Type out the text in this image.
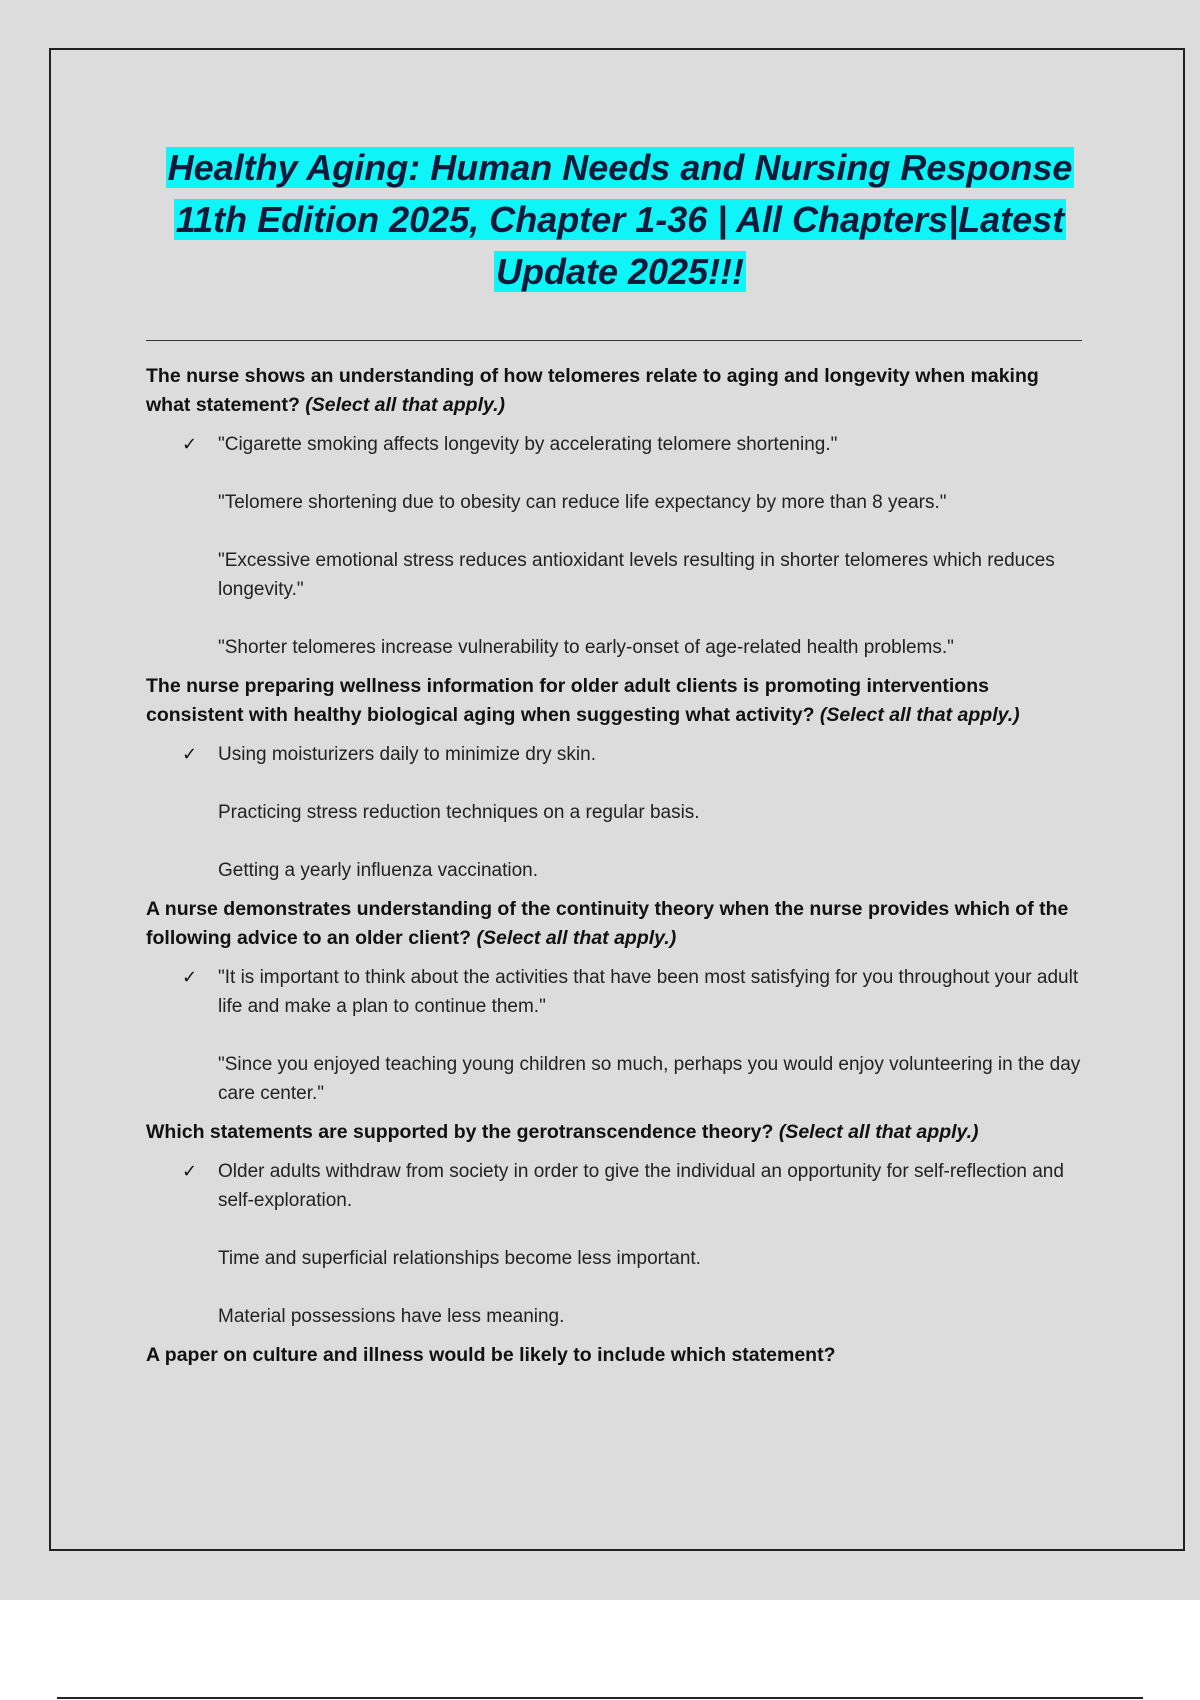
Healthy Aging: Human Needs and Nursing Response
11th Edition 2025, Chapter 1-36 | All Chapters|Latest
Update 2025!!!

The nurse shows an understanding of how telomeres relate to aging and longevity when making what statement? (Select all that apply.)

✓ "Cigarette smoking affects longevity by accelerating telomere shortening."
"Telomere shortening due to obesity can reduce life expectancy by more than 8 years."
"Excessive emotional stress reduces antioxidant levels resulting in shorter telomeres which reduces longevity."
"Shorter telomeres increase vulnerability to early-onset of age-related health problems."

The nurse preparing wellness information for older adult clients is promoting interventions consistent with healthy biological aging when suggesting what activity? (Select all that apply.)

✓ Using moisturizers daily to minimize dry skin.
Practicing stress reduction techniques on a regular basis.
Getting a yearly influenza vaccination.

A nurse demonstrates understanding of the continuity theory when the nurse provides which of the following advice to an older client? (Select all that apply.)

✓ "It is important to think about the activities that have been most satisfying for you throughout your adult life and make a plan to continue them."
"Since you enjoyed teaching young children so much, perhaps you would enjoy volunteering in the day care center."

Which statements are supported by the gerotranscendence theory? (Select all that apply.)

✓ Older adults withdraw from society in order to give the individual an opportunity for self-reflection and self-exploration.
Time and superficial relationships become less important.
Material possessions have less meaning.

A paper on culture and illness would be likely to include which statement?
